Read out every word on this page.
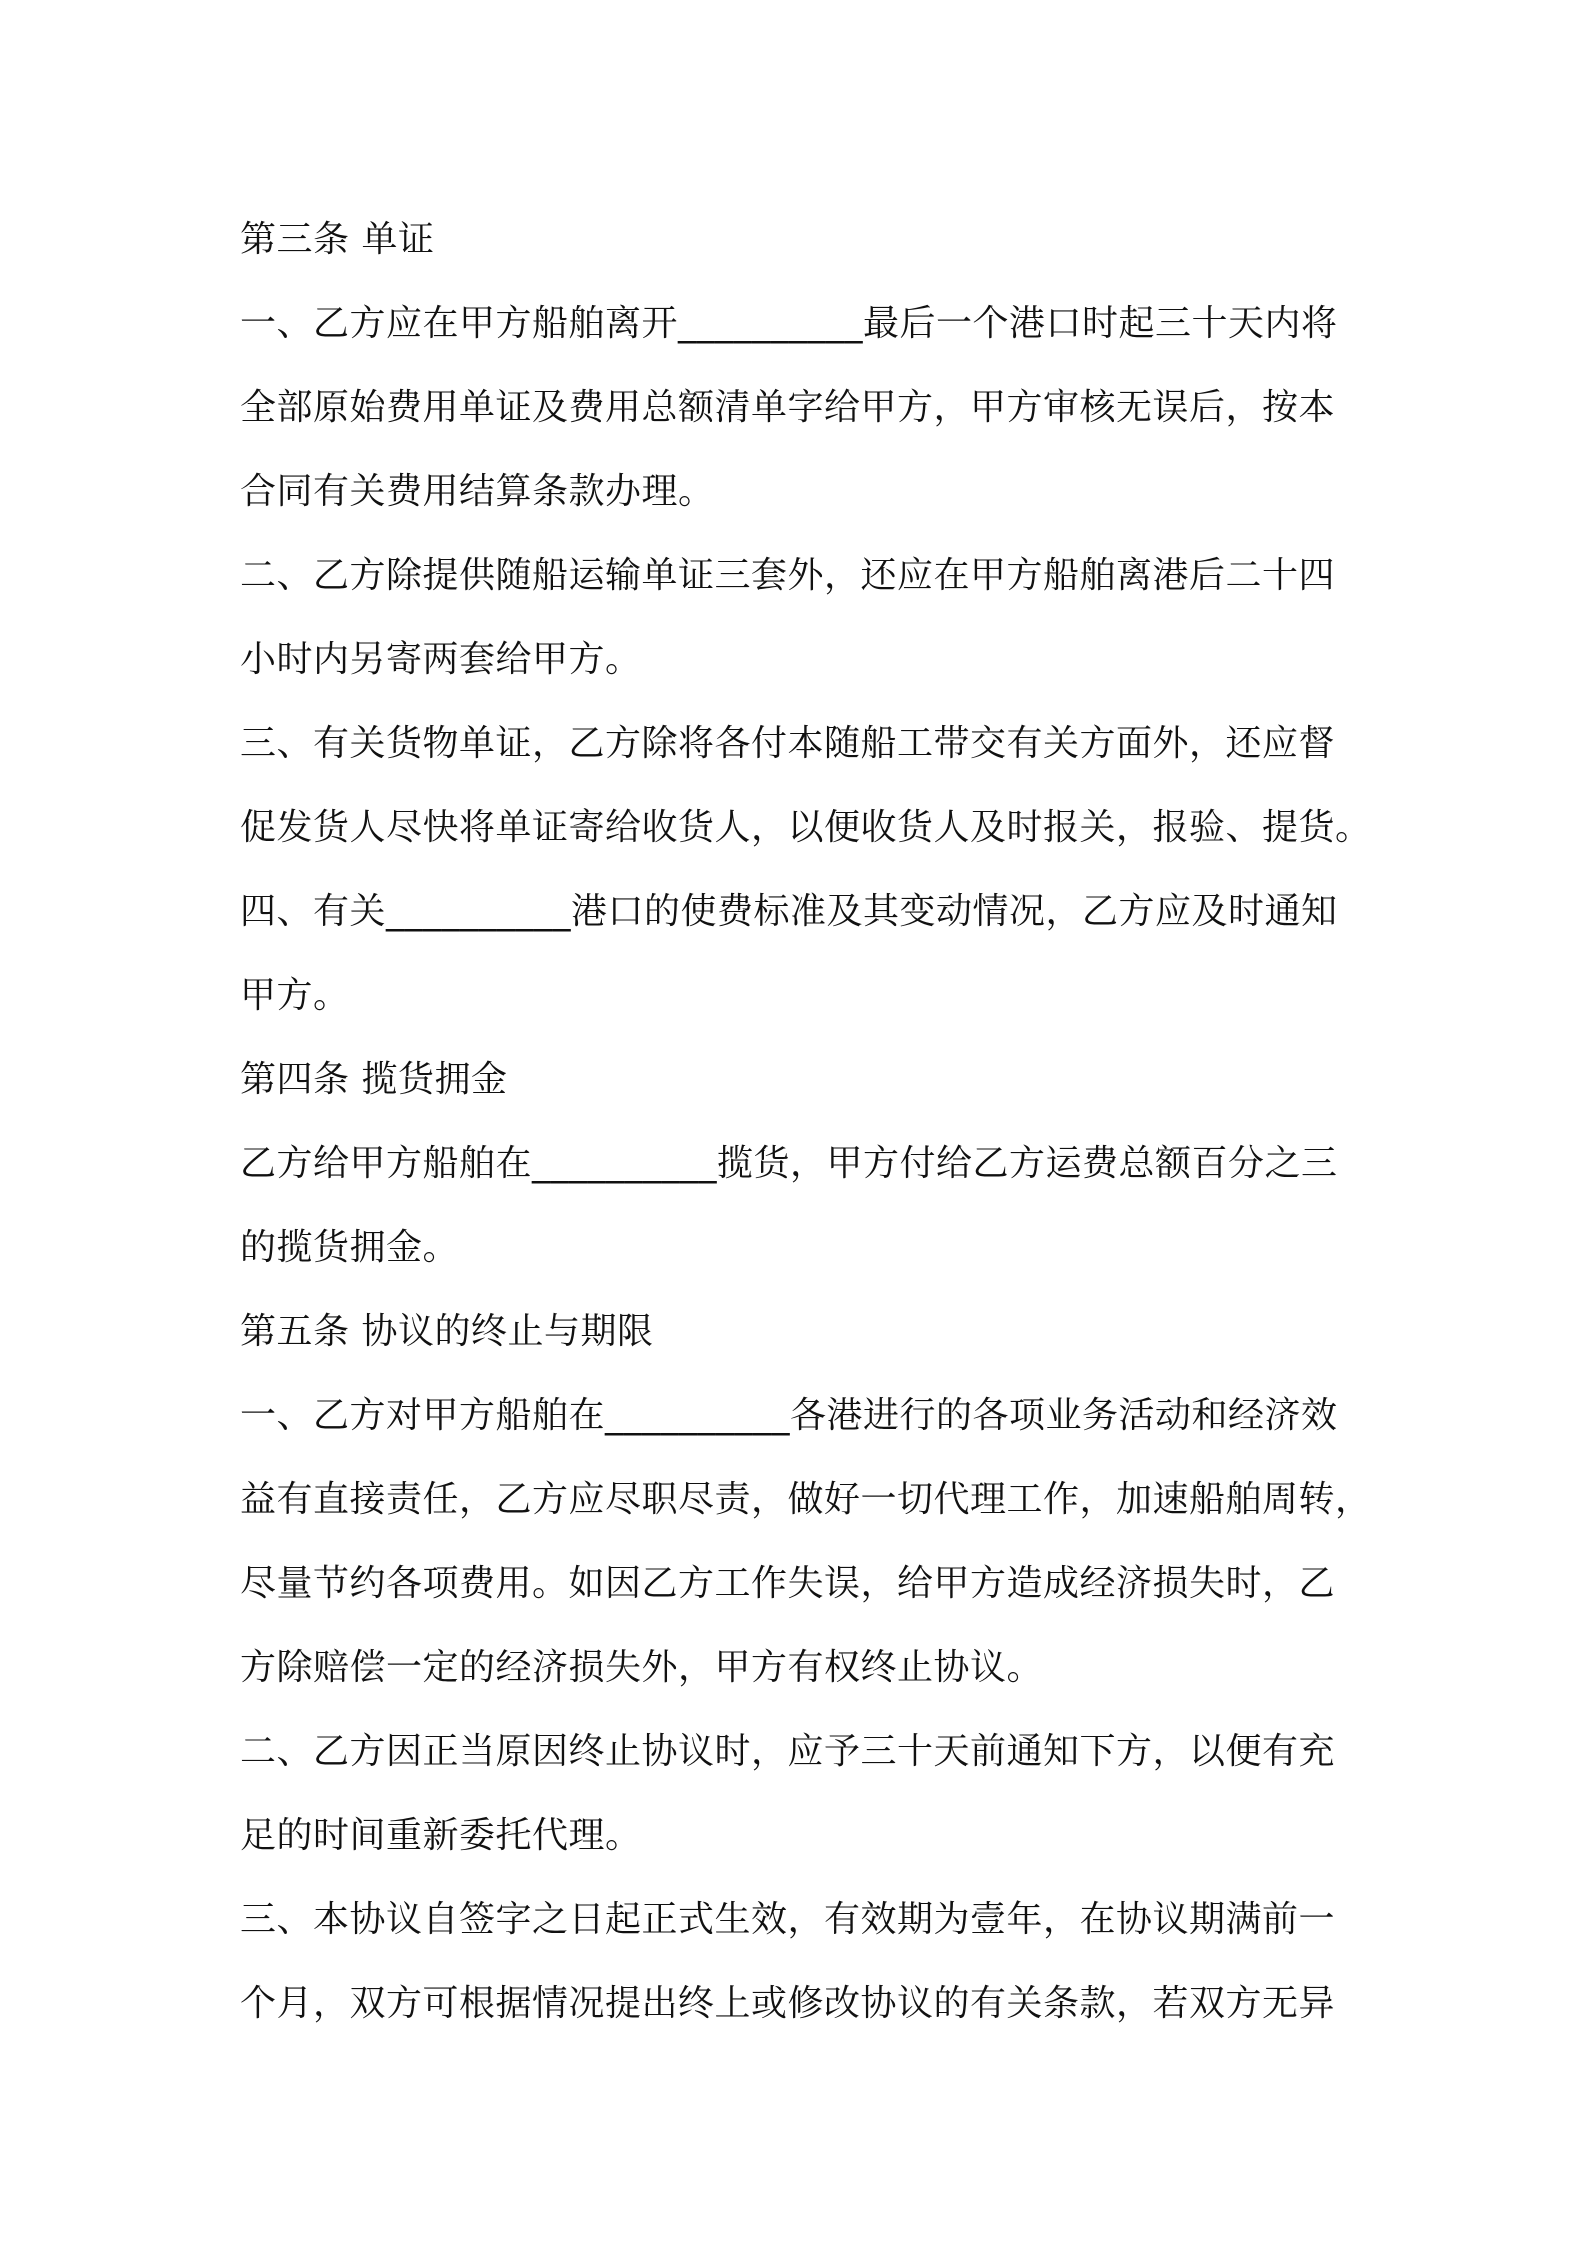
第三条 单证
一、乙方应在甲方船舶离开__________最后一个港口时起三十天内将
全部原始费用单证及费用总额清单字给甲方，甲方审核无误后，按本
合同有关费用结算条款办理。
二、乙方除提供随船运输单证三套外，还应在甲方船舶离港后二十四
小时内另寄两套给甲方。
三、有关货物单证，乙方除将各付本随船工带交有关方面外，还应督
促发货人尽快将单证寄给收货人，以便收货人及时报关，报验、提货。
四、有关__________港口的使费标准及其变动情况，乙方应及时通知
甲方。
第四条 揽货拥金
乙方给甲方船舶在__________揽货，甲方付给乙方运费总额百分之三
的揽货拥金。
第五条 协议的终止与期限
一、乙方对甲方船舶在__________各港进行的各项业务活动和经济效
益有直接责任，乙方应尽职尽责，做好一切代理工作，加速船舶周转，
尽量节约各项费用。如因乙方工作失误，给甲方造成经济损失时，乙
方除赔偿一定的经济损失外，甲方有权终止协议。
二、乙方因正当原因终止协议时，应予三十天前通知下方，以便有充
足的时间重新委托代理。
三、本协议自签字之日起正式生效，有效期为壹年，在协议期满前一
个月，双方可根据情况提出终上或修改协议的有关条款，若双方无异
